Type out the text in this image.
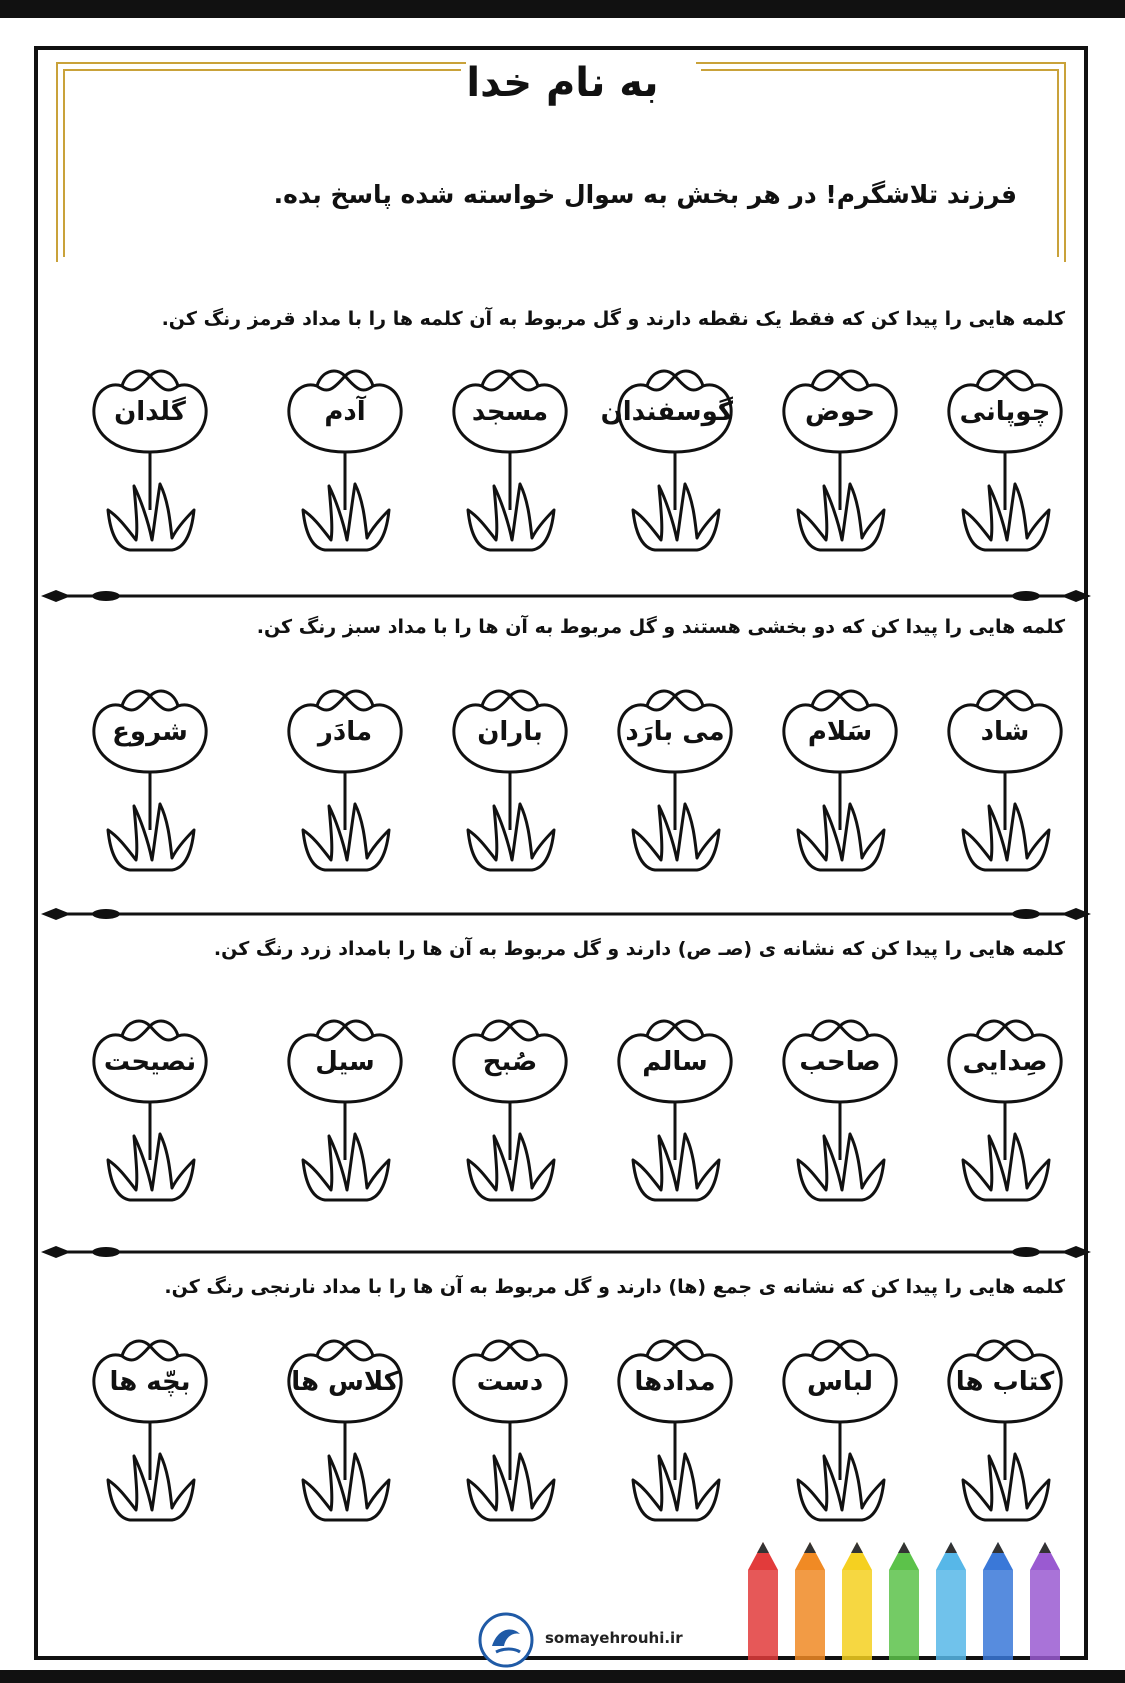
به نام خدا
فرزند تلاشگرم! در هر بخش به سوال خواسته شده پاسخ بده.
کلمه هایی را پیدا کن که فقط یک نقطه دارند و گل مربوط به آن کلمه ها را با مداد قرمز رنگ کن.
کلمه هایی را پیدا کن که دو بخشی هستند و گل مربوط به آن ها را با مداد سبز رنگ کن.
کلمه هایی را پیدا کن که نشانه ی (صـ ص) دارند و گل مربوط به آن ها را بامداد زرد رنگ کن.
کلمه هایی را پیدا کن که نشانه ی جمع (ها) دارند و گل مربوط به آن ها را با مداد نارنجی رنگ کن.
چوپانی
حوض
گوسفندان
مسجد
آدم
گلدان
شاد
سَلام
می بارَد
باران
مادَر
شروع
صِدایی
صاحب
سالم
صُبح
سیل
نصیحت
کتاب ها
لباس
مدادها
دست
کلاس ها
بچّه ها
somayehrouhi.ir
